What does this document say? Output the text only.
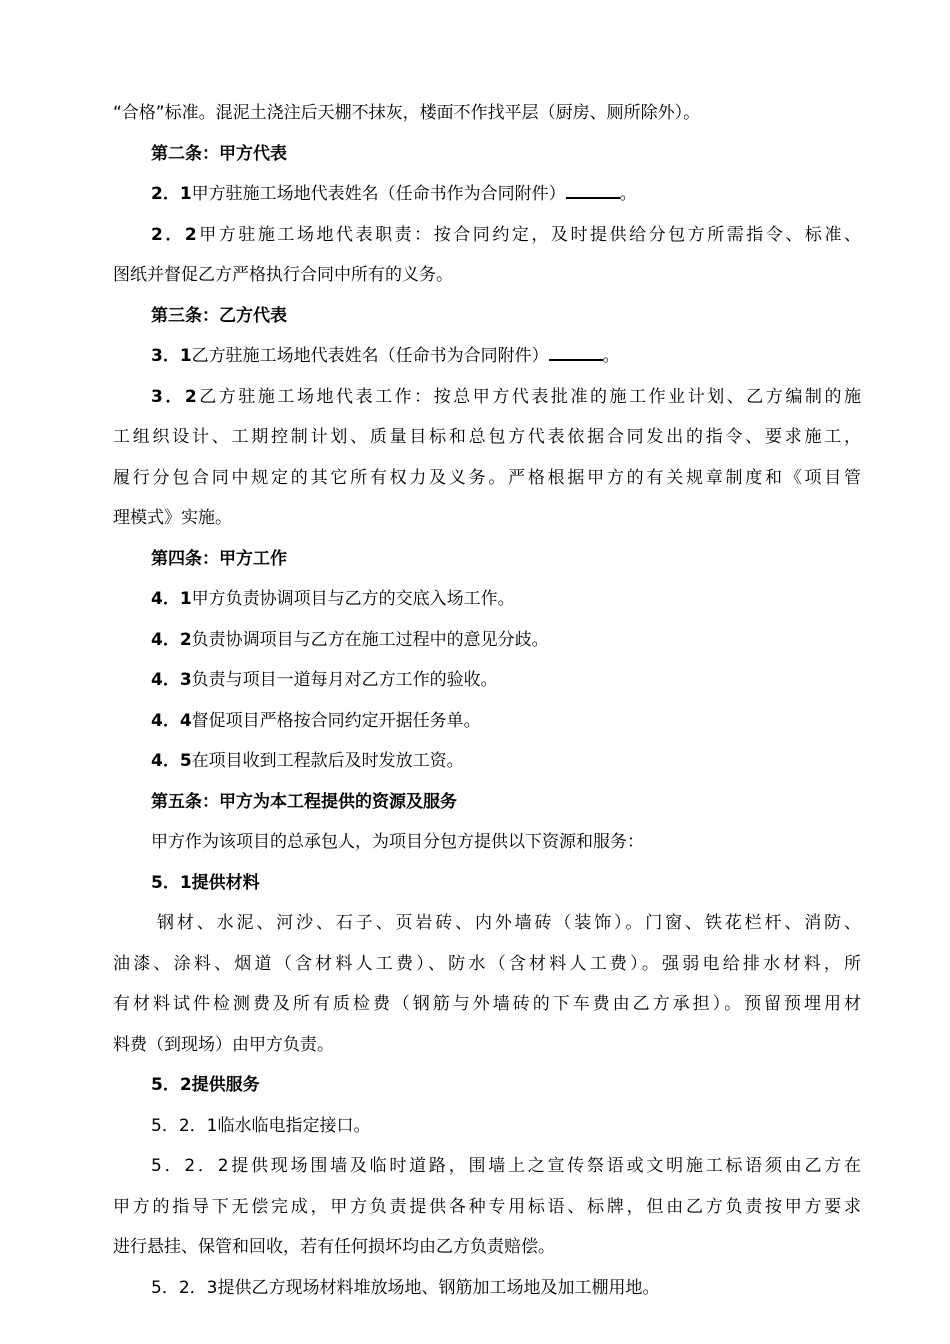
“合格”标准。混泥土浇注后天棚不抹灰，楼面不作找平层（厨房、厕所除外）。

第二条：甲方代表

2．1甲方驻施工场地代表姓名（任命书作为合同附件）	。

2．2甲方驻施工场地代表职责：按合同约定，及时提供给分包方所需指令、标准、

图纸并督促乙方严格执行合同中所有的义务。

第三条：乙方代表

3．1乙方驻施工场地代表姓名（任命书为合同附件）	。

3．2乙方驻施工场地代表工作：按总甲方代表批准的施工作业计划、乙方编制的施

工组织设计、工期控制计划、质量目标和总包方代表依据合同发出的指令、要求施工，

履行分包合同中规定的其它所有权力及义务。严格根据甲方的有关规章制度和《项目管

理模式》实施。

第四条：甲方工作

4．1甲方负责协调项目与乙方的交底入场工作。

4．2负责协调项目与乙方在施工过程中的意见分歧。

4．3负责与项目一道每月对乙方工作的验收。

4．4督促项目严格按合同约定开据任务单。

4．5在项目收到工程款后及时发放工资。

第五条：甲方为本工程提供的资源及服务

甲方作为该项目的总承包人，为项目分包方提供以下资源和服务：

5．1提供材料

钢材、水泥、河沙、石子、页岩砖、内外墙砖（装饰）。门窗、铁花栏杆、消防、

油漆、涂料、烟道（含材料人工费）、防水（含材料人工费）。强弱电给排水材料，所

有材料试件检测费及所有质检费（钢筋与外墙砖的下车费由乙方承担）。预留预埋用材

料费（到现场）由甲方负责。

5．2提供服务

5．2．1临水临电指定接口。

5．2．2提供现场围墙及临时道路，围墙上之宣传祭语或文明施工标语须由乙方在

甲方的指导下无偿完成，甲方负责提供各种专用标语、标牌，但由乙方负责按甲方要求

进行悬挂、保管和回收，若有任何损坏均由乙方负责赔偿。

5．2．3提供乙方现场材料堆放场地、钢筋加工场地及加工棚用地。
